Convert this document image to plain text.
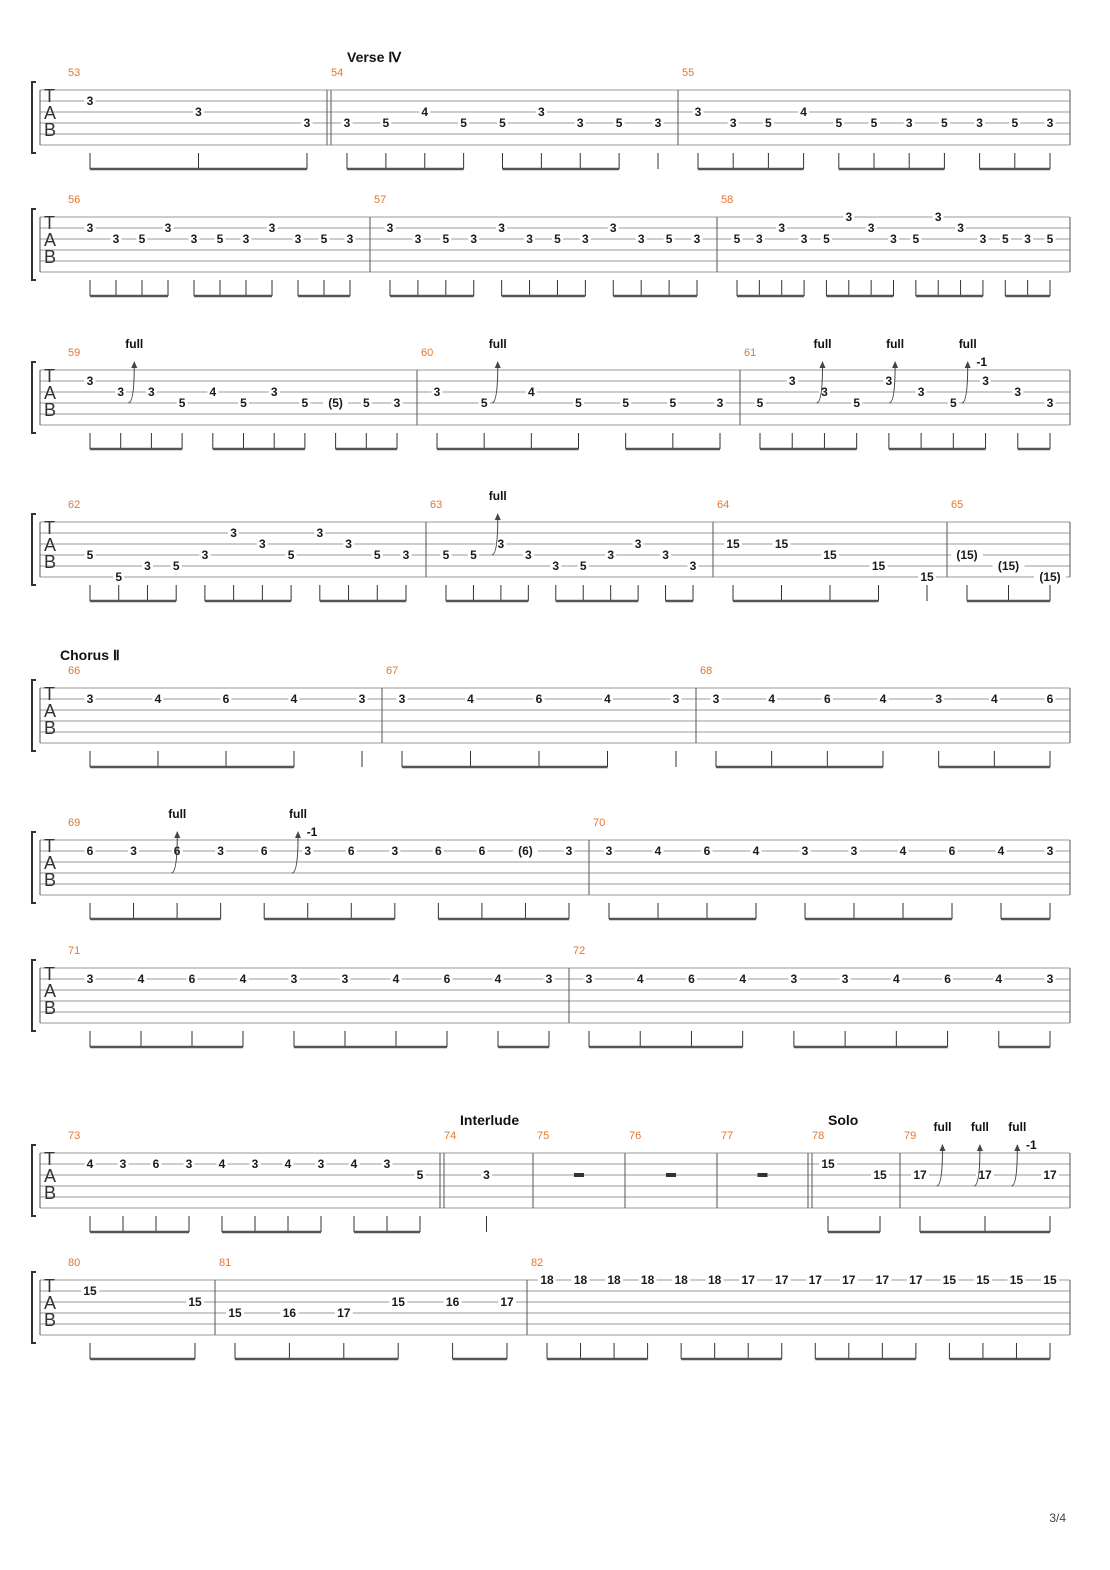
T
A
B
53
3
3
3
54
3	5
4
5	5
3
3	5	3
55
3
3 5
4
5 5 3 5 3 5 3
T
A
B
56
3
3 5
3
3 5 3
3
3 5 3
57
3
3 5 3
3
3 5 3
3
3 5 3
58
5 3
3
3 5
3
3
3 5
3
3
3 5 3 5
T
A
B
59
3
3 3
5
4
5
3
5 (5) 5 3
60
3
5
4
5	5	5	3
61
5
3
3
5
3
3
5
3
3
3
T
A
B
62
5
5
3 5
3
3
3
5
3
3
5 3
63
5 5
3
3
3 5
3
3
3
3
64
15	15
15
15
15
65
(15)
(15)
(15)
T
A
B
66
3	4	6	4	3
67
3	4	6	4	3
68
3	4	6	4	3	4	6
T
A
B
69
6	3	6	3	6	3	6	3	6	6	(6)	3
70
3	4	6	4	3	3	4	6	4	3
T
A
B
71
3	4	6	4	3	3	4	6	4	3
72
3	4	6	4	3	3	4	6	4	3
T
A
B
73
4 3 6 3 4 3 4 3 4 3
5
74
3
75	76	77	78
15
15
79
17	17	17
T
A
B
80
15
15
81
15	16	17
15	16	17
82
18 18 18 18 18 18 17 17 17 17 17 17 15 15 15 15
Verse Ⅳ
Chorus Ⅱ
Interlude	Solo
full	full	full	full	full
-1
full
full	full
-1
full full full
-1
3/4
